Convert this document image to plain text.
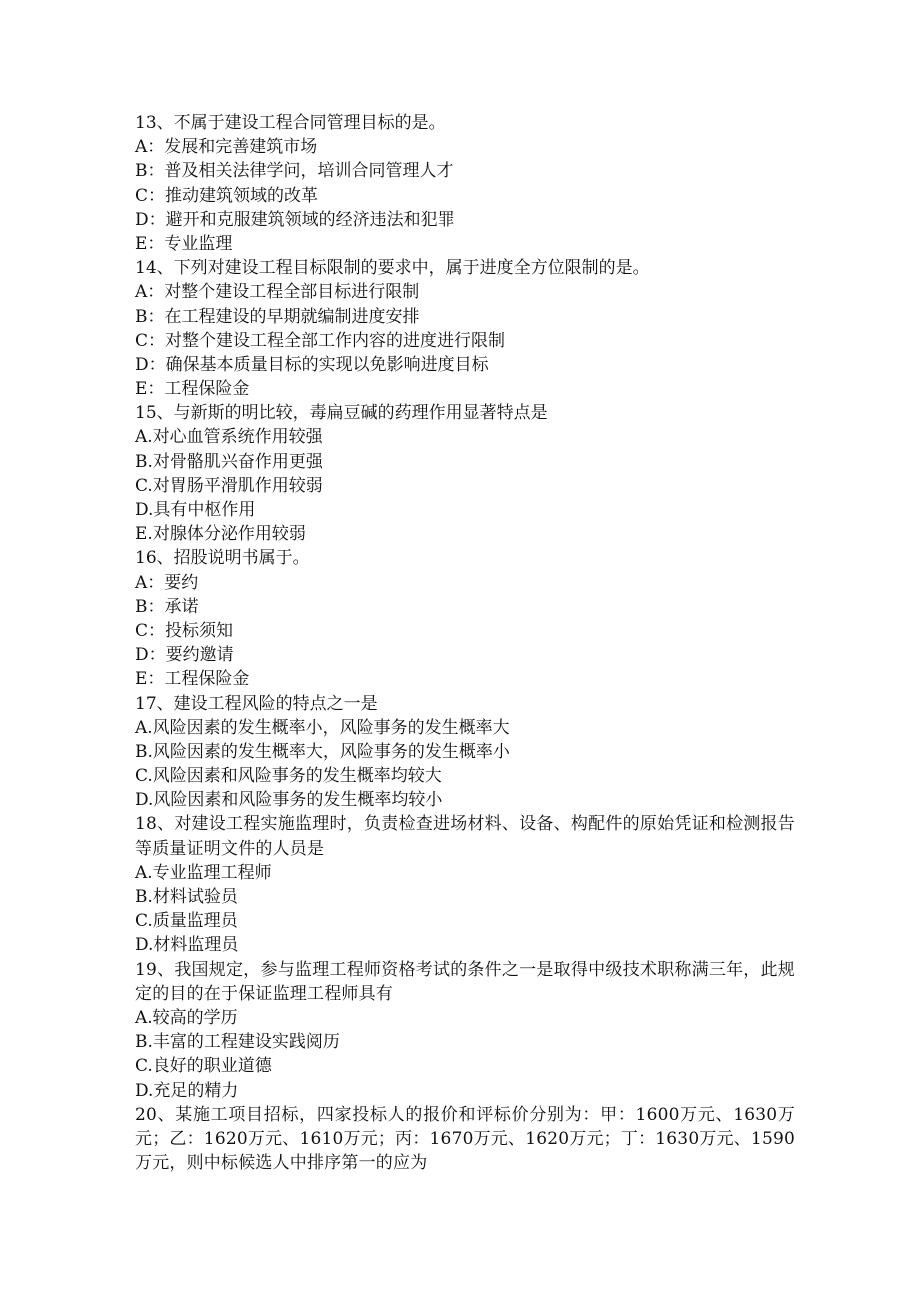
13、不属于建设工程合同管理目标的是。
A：发展和完善建筑市场
B：普及相关法律学问，培训合同管理人才
C：推动建筑领域的改革
D：避开和克服建筑领域的经济违法和犯罪
E：专业监理
14、下列对建设工程目标限制的要求中，属于进度全方位限制的是。
A：对整个建设工程全部目标进行限制
B：在工程建设的早期就编制进度安排
C：对整个建设工程全部工作内容的进度进行限制
D：确保基本质量目标的实现以免影响进度目标
E：工程保险金
15、与新斯的明比较，毒扁豆碱的药理作用显著特点是
A.对心血管系统作用较强
B.对骨骼肌兴奋作用更强
C.对胃肠平滑肌作用较弱
D.具有中枢作用
E.对腺体分泌作用较弱
16、招股说明书属于。
A：要约
B：承诺
C：投标须知
D：要约邀请
E：工程保险金
17、建设工程风险的特点之一是
A.风险因素的发生概率小，风险事务的发生概率大
B.风险因素的发生概率大，风险事务的发生概率小
C.风险因素和风险事务的发生概率均较大
D.风险因素和风险事务的发生概率均较小
18、对建设工程实施监理时，负责检查进场材料、设备、构配件的原始凭证和检测报告等质量证明文件的人员是
A.专业监理工程师
B.材料试验员
C.质量监理员
D.材料监理员
19、我国规定，参与监理工程师资格考试的条件之一是取得中级技术职称满三年，此规定的目的在于保证监理工程师具有
A.较高的学历
B.丰富的工程建设实践阅历
C.良好的职业道德
D.充足的精力
20、某施工项目招标，四家投标人的报价和评标价分别为：甲：1600万元、1630万元；乙：1620万元、1610万元；丙：1670万元、1620万元；丁：1630万元、1590万元，则中标候选人中排序第一的应为
